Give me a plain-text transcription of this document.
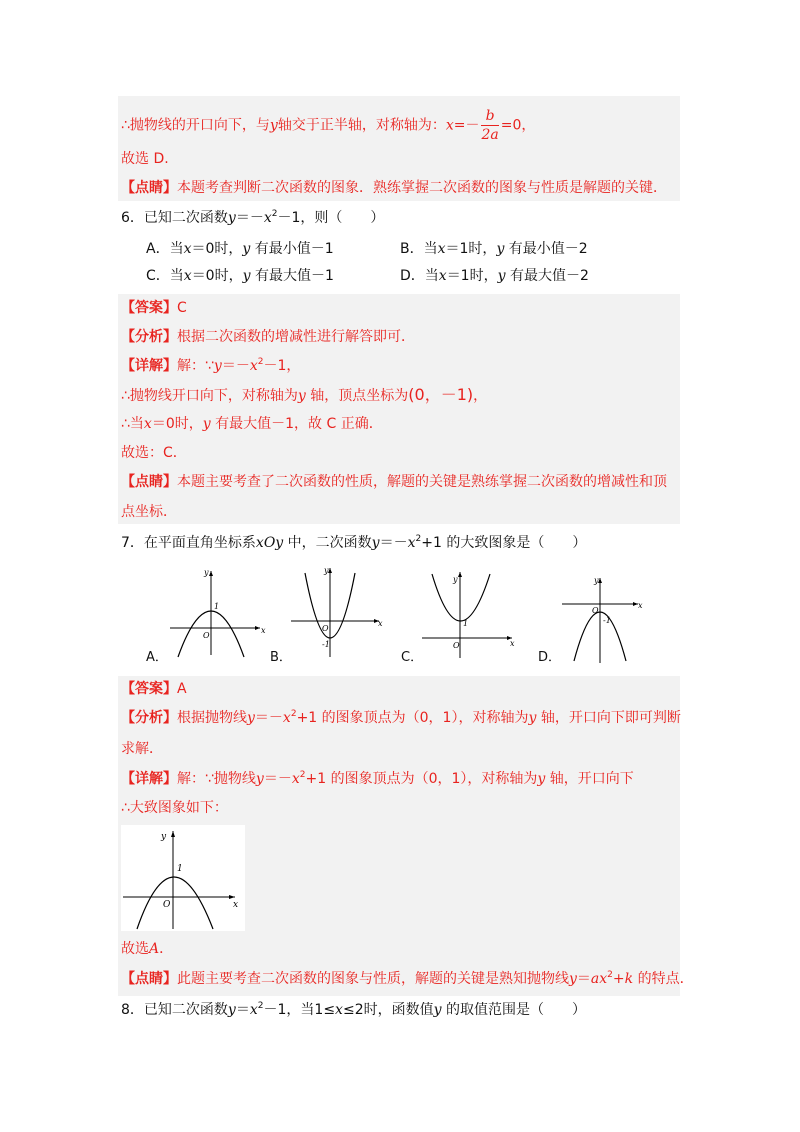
∴抛物线的开口向下，与y轴交于正半轴，对称轴为：$x=- \frac{b}{2a} =0$，
故选 D.
【点睛】本题考查判断二次函数的图象．熟练掌握二次函数的图象与性质是解题的关键．
6．已知二次函数$y=-x^2-1$，则（　　）
A．当x＝0时，y 有最小值－1	B．当x＝1时，y 有最小值－2
C．当x＝0时，y 有最大值－1	D．当x＝1时，y 有最大值－2
【答案】C
【分析】根据二次函数的增减性进行解答即可．
【详解】解：$\because y=-x^2-1$，
∴抛物线开口向下，对称轴为y 轴，顶点坐标为(0，－1)，
∴当x＝0时，y 有最大值－1，故 C 正确．
故选：C．
【点睛】本题主要考查了二次函数的性质，解题的关键是熟练掌握二次函数的增减性和顶
点坐标．
7．在平面直角坐标系xOy 中，二次函数$y=-x^2+1$ 的大致图象是（　　）
y
x
O
1
A．
y
x
O
-1
B．
y
x
O
1
C．
y
x
O
-1
D．
【答案】A
【分析】根据抛物线$y=-x^2+1$ 的图象顶点为（0，1），对称轴为y 轴，开口向下即可判断
求解．
【详解】解：∵抛物线$y=-x^2+1$ 的图象顶点为（0，1），对称轴为y 轴，开口向下
∴大致图象如下：
y
x
O
1
故选A．
【点睛】此题主要考查二次函数的图象与性质，解题的关键是熟知抛物线$y=ax^2+k$ 的特点．
8．已知二次函数$y=x^2-1$，当1≤x≤2时，函数值y 的取值范围是（　　）
